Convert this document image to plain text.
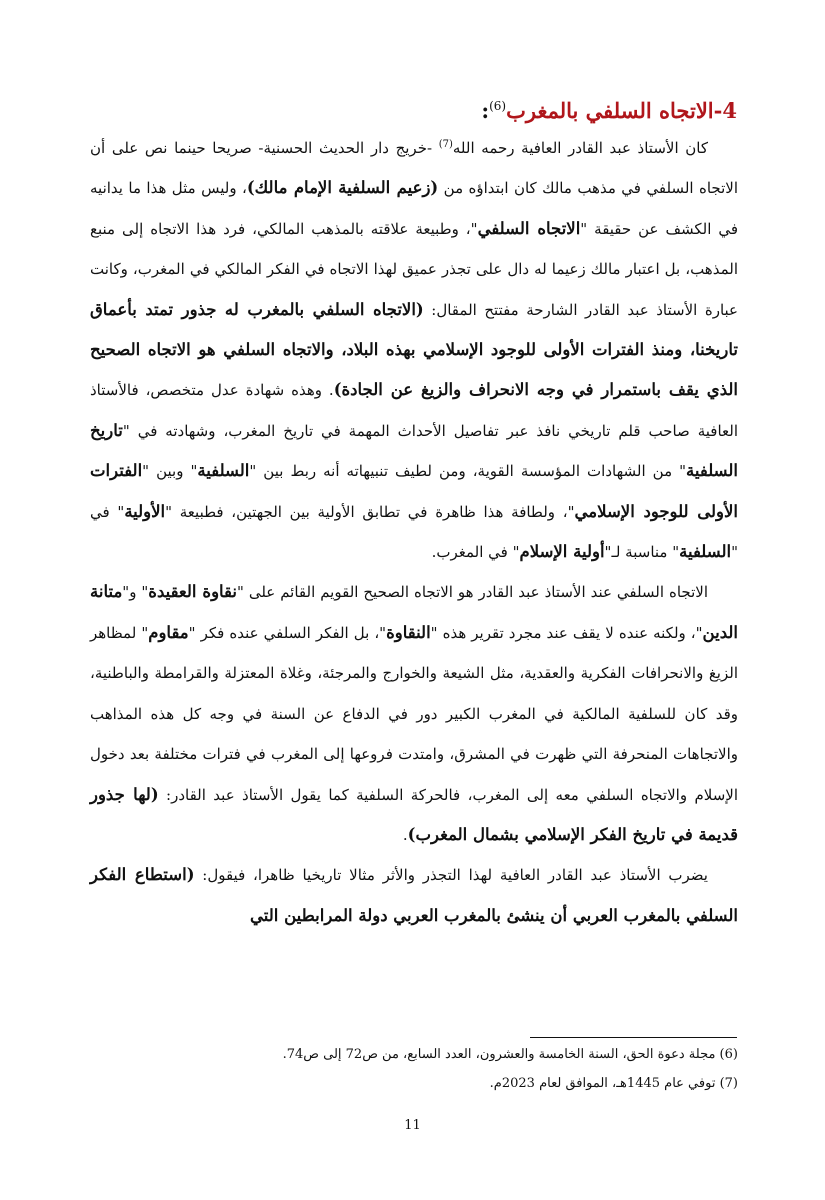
4-الاتجاه السلفي بالمغرب$^{(6)}$:

كان الأستاذ عبد القادر العافية رحمه الله$^{(7)}$ -خريج دار الحديث الحسنية- صريحا حينما نص على أن الاتجاه السلفي في مذهب مالك كان ابتداؤه من (زعيم السلفية الإمام مالك)، وليس مثل هذا ما يدانيه في الكشف عن حقيقة "الاتجاه السلفي"، وطبيعة علاقته بالمذهب المالكي، فرد هذا الاتجاه إلى منبع المذهب، بل اعتبار مالك زعيما له دال على تجذر عميق لهذا الاتجاه في الفكر المالكي في المغرب، وكانت عبارة الأستاذ عبد القادر الشارحة مفتتح المقال: (الاتجاه السلفي بالمغرب له جذور تمتد بأعماق تاريخنا، ومنذ الفترات الأولى للوجود الإسلامي بهذه البلاد، والاتجاه السلفي هو الاتجاه الصحيح الذي يقف باستمرار في وجه الانحراف والزيغ عن الجادة). وهذه شهادة عدل متخصص، فالأستاذ العافية صاحب قلم تاريخي نافذ عبر تفاصيل الأحداث المهمة في تاريخ المغرب، وشهادته في "تاريخ السلفية" من الشهادات المؤسسة القوية، ومن لطيف تنبيهاته أنه ربط بين "السلفية" وبين "الفترات الأولى للوجود الإسلامي"، ولطافة هذا ظاهرة في تطابق الأولية بين الجهتين، فطبيعة "الأولية" في "السلفية" مناسبة لـ"أولية الإسلام" في المغرب.

الاتجاه السلفي عند الأستاذ عبد القادر هو الاتجاه الصحيح القويم القائم على "نقاوة العقيدة" و"متانة الدين"، ولكنه عنده لا يقف عند مجرد تقرير هذه "النقاوة"، بل الفكر السلفي عنده فكر "مقاوم" لمظاهر الزيغ والانحرافات الفكرية والعقدية، مثل الشيعة والخوارج والمرجئة، وغلاة المعتزلة والقرامطة والباطنية، وقد كان للسلفية المالكية في المغرب الكبير دور في الدفاع عن السنة في وجه كل هذه المذاهب والاتجاهات المنحرفة التي ظهرت في المشرق، وامتدت فروعها إلى المغرب في فترات مختلفة بعد دخول الإسلام والاتجاه السلفي معه إلى المغرب، فالحركة السلفية كما يقول الأستاذ عبد القادر: (لها جذور قديمة في تاريخ الفكر الإسلامي بشمال المغرب).

يضرب الأستاذ عبد القادر العافية لهذا التجذر والأثر مثالا تاريخيا ظاهرا، فيقول: (استطاع الفكر السلفي بالمغرب العربي أن ينشئ بالمغرب العربي دولة المرابطين التي

(6) مجلة دعوة الحق، السنة الخامسة والعشرون، العدد السابع، من ص72 إلى ص74.
(7) توفي عام 1445هـ، الموافق لعام 2023م.
11
